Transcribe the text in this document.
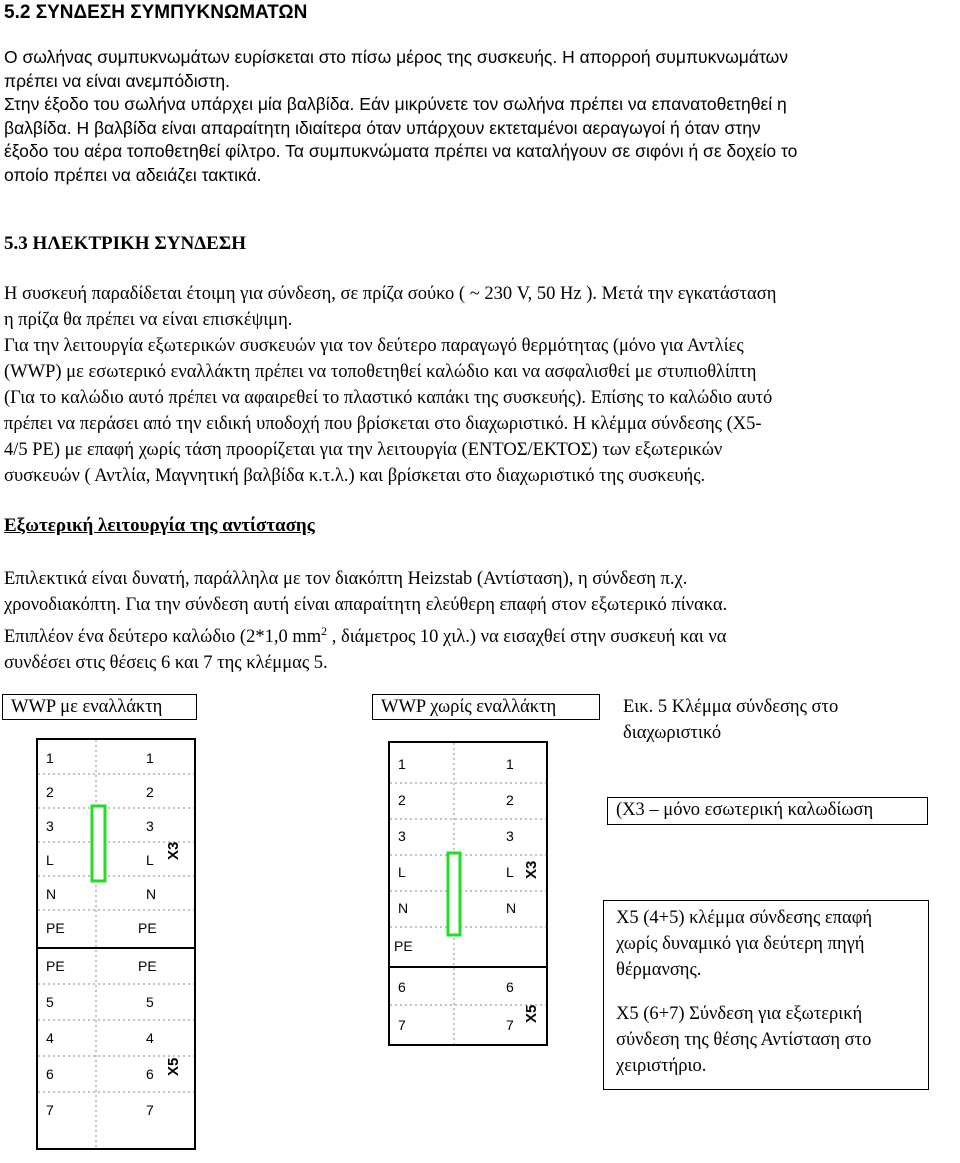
5.2 ΣΥΝΔΕΣΗ ΣΥΜΠΥΚΝΩΜΑΤΩΝ
Ο σωλήνας συμπυκνωμάτων ευρίσκεται στο πίσω μέρος της συσκευής. Η απορροή συμπυκνωμάτων
πρέπει να είναι ανεμπόδιστη.
Στην έξοδο του σωλήνα υπάρχει μία βαλβίδα. Εάν μικρύνετε τον σωλήνα πρέπει να επανατοθετηθεί η
βαλβίδα. Η βαλβίδα είναι απαραίτητη ιδιαίτερα όταν υπάρχουν εκτεταμένοι αεραγωγοί ή όταν στην
έξοδο του αέρα τοποθετηθεί φίλτρο. Τα συμπυκνώματα πρέπει να καταλήγουν σε σιφόνι ή σε δοχείο το
οποίο πρέπει να αδειάζει τακτικά.
5.3 ΗΛΕΚΤΡΙΚΗ ΣΥΝΔΕΣΗ
Η συσκευή παραδίδεται έτοιμη για σύνδεση, σε πρίζα σούκο ( ~ 230 V, 50 Hz ). Μετά την εγκατάσταση
η πρίζα θα πρέπει να είναι επισκέψιμη.
Για την λειτουργία εξωτερικών συσκευών για τον δεύτερο παραγωγό θερμότητας (μόνο για Αντλίες
(WWP) με εσωτερικό εναλλάκτη πρέπει να τοποθετηθεί καλώδιο και να ασφαλισθεί με στυπιοθλίπτη
(Για το καλώδιο αυτό πρέπει να αφαιρεθεί το πλαστικό καπάκι της συσκευής). Επίσης το καλώδιο αυτό
πρέπει να περάσει από την ειδική υποδοχή που βρίσκεται στο διαχωριστικό. Η κλέμμα σύνδεσης (Χ5-
4/5 PE) με επαφή χωρίς τάση προορίζεται για την λειτουργία (ΕΝΤΟΣ/ΕΚΤΟΣ) των εξωτερικών
συσκευών ( Αντλία, Μαγνητική βαλβίδα κ.τ.λ.) και βρίσκεται στο διαχωριστικό της συσκευής.
Εξωτερική λειτουργία της αντίστασης
Επιλεκτικά είναι δυνατή, παράλληλα με τον διακόπτη Heizstab (Αντίσταση), η σύνδεση π.χ.
χρονοδιακόπτη. Για την σύνδεση αυτή είναι απαραίτητη ελεύθερη επαφή στον εξωτερικό πίνακα.
Επιπλέον ένα δεύτερο καλώδιο (2*1,0 $mm^2$ , διάμετρος 10 χιλ.) να εισαχθεί στην συσκευή και να
συνδέσει στις θέσεις 6 και 7 της κλέμμας 5.
WWP με εναλλάκτη	WWP χωρίς εναλλάκτη	Εικ. 5 Κλέμμα σύνδεσης στο
διαχωριστικό
(Χ3 – μόνο εσωτερική καλωδίωση
Χ5 (4+5) κλέμμα σύνδεσης επαφή
χωρίς δυναμικό για δεύτερη πηγή
θέρμανσης.
Χ5 (6+7) Σύνδεση για εξωτερική
σύνδεση της θέσης Αντίσταση στο
χειριστήριο.
1	1
2	2
3	3
L	L
N	N
PE	PE
PE	PE
5	5
4	4
6	6
7	7
X3
X5
1	1
2	2
3	3
L	L
N	N
PE
6	6
7	7
X3
X5
